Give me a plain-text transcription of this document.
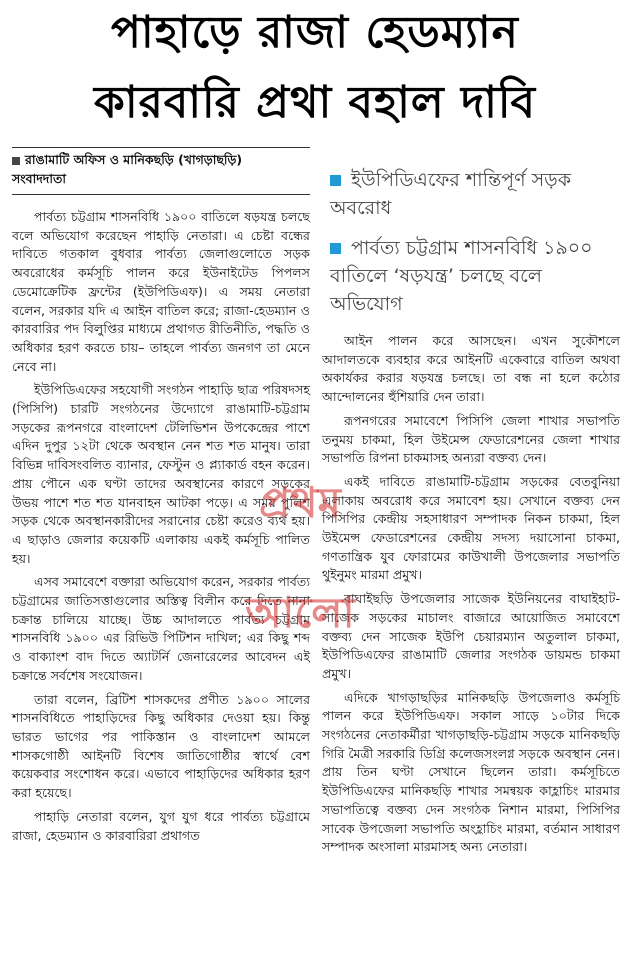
পাহাড়ে রাজা হেডম্যান
কারবারি প্রথা বহাল দাবি
রাঙামাটি অফিস ও মানিকছড়ি (খাগড়াছড়ি)
সংবাদদাতা	ইউপিডিএফের শান্তিপূর্ণ সড়ক অবরোধ
পার্বত্য চট্টগ্রাম শাসনবিধি ১৯০০ বাতিলে ‘ষড়যন্ত্র’ চলছে বলে অভিযোগ

পার্বত্য চট্টগ্রাম শাসনবিধি ১৯০০ বাতিলে ষড়যন্ত্র চলছে বলে অভিযোগ করেছেন পাহাড়ি নেতারা। এ চেষ্টা বন্ধের দাবিতে গতকাল বুধবার পার্বত্য জেলাগুলোতে সড়ক অবরোধের কর্মসূচি পালন করে ইউনাইটেড পিপলস ডেমোক্রেটিক ফ্রন্টের (ইউপিডিএফ)। এ সময় নেতারা বলেন, সরকার যদি এ আইন বাতিল করে; রাজা-হেডম্যান ও কারবারির পদ বিলুপ্তির মাধ্যমে প্রথাগত রীতিনীতি, পদ্ধতি ও অধিকার হরণ করতে চায়– তাহলে পার্বত্য জনগণ তা মেনে নেবে না।

ইউপিডিএফের সহযোগী সংগঠন পাহাড়ি ছাত্র পরিষদসহ (পিসিপি) চারটি সংগঠনের উদ্যোগে রাঙামাটি-চট্টগ্রাম সড়কের রূপনগরে বাংলাদেশ টেলিভিশন উপকেন্দ্রের পাশে এদিন দুপুর ১২টা থেকে অবস্থান নেন শত শত মানুষ। তারা বিভিন্ন দাবিসংবলিত ব্যানার, ফেস্টুন ও প্ল্যাকার্ড বহন করেন। প্রায় পৌনে এক ঘণ্টা তাদের অবস্থানের কারণে সড়কের উভয় পাশে শত শত যানবাহন আটকা পড়ে। এ সময় পুলিশ সড়ক থেকে অবস্থানকারীদের সরানোর চেষ্টা করেও ব্যর্থ হয়। এ ছাড়াও জেলার কয়েকটি এলাকায় একই কর্মসূচি পালিত হয়।

এসব সমাবেশে বক্তারা অভিযোগ করেন, সরকার পার্বত্য চট্টগ্রামের জাতিসত্তাগুলোর অস্তিত্ব বিলীন করে দিতে নানা চক্রান্ত চালিয়ে যাচ্ছে। উচ্চ আদালতে পার্বত্য চট্টগ্রাম শাসনবিধি ১৯০০ এর রিভিউ পিটিশন দাখিল; এর কিছু শব্দ ও বাক্যাংশ বাদ দিতে অ্যাটর্নি জেনারেলের আবেদন এই চক্রান্তে সর্বশেষ সংযোজন।

তারা বলেন, ব্রিটিশ শাসকদের প্রণীত ১৯০০ সালের শাসনবিধিতে পাহাড়িদের কিছু অধিকার দেওয়া হয়। কিন্তু ভারত ভাগের পর পাকিস্তান ও বাংলাদেশ আমলে শাসকগোষ্ঠী আইনটি বিশেষ জাতিগোষ্ঠীর স্বার্থে বেশ কয়েকবার সংশোধন করে। এভাবে পাহাড়িদের অধিকার হরণ করা হয়েছে।

পাহাড়ি নেতারা বলেন, যুগ যুগ ধরে পার্বত্য চট্টগ্রামে রাজা, হেডম্যান ও কারবারিরা প্রথাগত

আইন পালন করে আসছেন। এখন সুকৌশলে আদালতকে ব্যবহার করে আইনটি একেবারে বাতিল অথবা অকার্যকর করার ষড়যন্ত্র চলছে। তা বন্ধ না হলে কঠোর আন্দোলনের হুঁশিয়ারি দেন তারা।

রূপনগরের সমাবেশে পিসিপি জেলা শাখার সভাপতি তনুময় চাকমা, হিল উইমেন্স ফেডারেশনের জেলা শাখার সভাপতি রিপনা চাকমাসহ অন্যরা বক্তব্য দেন।

একই দাবিতে রাঙামাটি-চট্টগ্রাম সড়কের বেতবুনিয়া এলাকায় অবরোধ করে সমাবেশ হয়। সেখানে বক্তব্য দেন পিসিপির কেন্দ্রীয় সহসাধারণ সম্পাদক নিকন চাকমা, হিল উইমেন্স ফেডারেশনের কেন্দ্রীয় সদস্য দয়াসোনা চাকমা, গণতান্ত্রিক যুব ফোরামের কাউখালী উপজেলার সভাপতি থুইনুমং মারমা প্রমুখ।

বাঘাইছড়ি উপজেলার সাজেক ইউনিয়নের বাঘাইহাট-সাজেক সড়কের মাচালং বাজারে আয়োজিত সমাবেশে বক্তব্য দেন সাজেক ইউপি চেয়ারম্যান অতুলাল চাকমা, ইউপিডিএফের রাঙামাটি জেলার সংগঠক ডায়মন্ড চাকমা প্রমুখ।

এদিকে খাগড়াছড়ির মানিকছড়ি উপজেলাও কর্মসূচি পালন করে ইউপিডিএফ। সকাল সাড়ে ১০টার দিকে সংগঠনের নেতাকর্মীরা খাগড়াছড়ি-চট্টগ্রাম সড়কে মানিকছড়ি গিরি মৈত্রী সরকারি ডিগ্রি কলেজসংলগ্ন সড়কে অবস্থান নেন। প্রায় তিন ঘণ্টা সেখানে ছিলেন তারা। কর্মসূচিতে ইউপিডিএফের মানিকছড়ি শাখার সমন্বয়ক কাহ্লাচিং মারমার সভাপতিত্বে বক্তব্য দেন সংগঠক নিশান মারমা, পিসিপির সাবেক উপজেলা সভাপতি অংহ্লাচিং মারমা, বর্তমান সাধারণ সম্পাদক অংসালা মারমাসহ অন্য নেতারা।

প্রথম আলো
